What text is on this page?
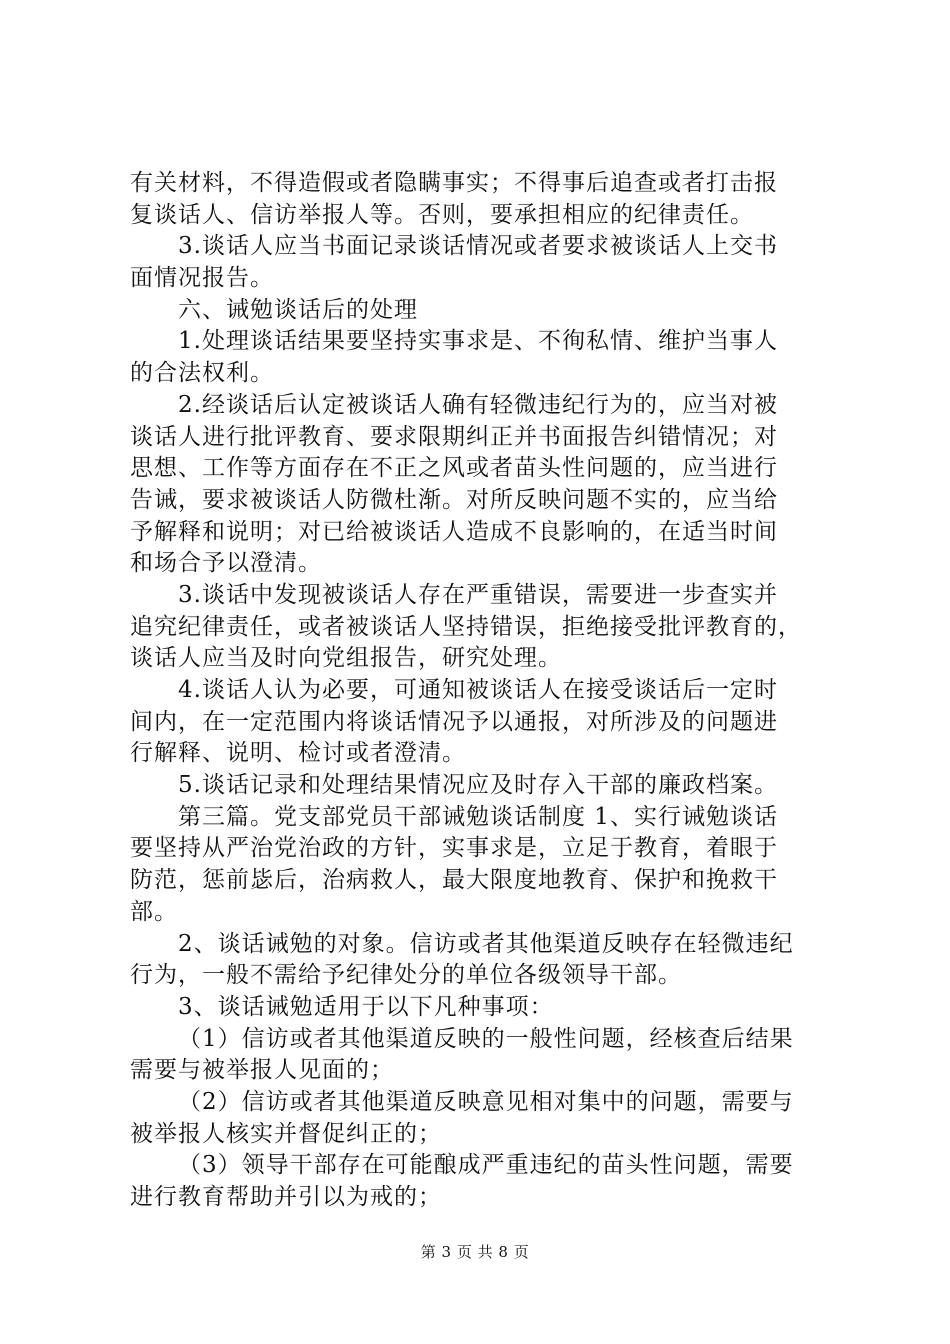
有关材料，不得造假或者隐瞒事实；不得事后追查或者打击报
复谈话人、信访举报人等。否则，要承担相应的纪律责任。
3.谈话人应当书面记录谈话情况或者要求被谈话人上交书
面情况报告。
六、诫勉谈话后的处理
1.处理谈话结果要坚持实事求是、不徇私情、维护当事人
的合法权利。
2.经谈话后认定被谈话人确有轻微违纪行为的，应当对被
谈话人进行批评教育、要求限期纠正并书面报告纠错情况；对
思想、工作等方面存在不正之风或者苗头性问题的，应当进行
告诫，要求被谈话人防微杜渐。对所反映问题不实的，应当给
予解释和说明；对已给被谈话人造成不良影响的，在适当时间
和场合予以澄清。
3.谈话中发现被谈话人存在严重错误，需要进一步查实并
追究纪律责任，或者被谈话人坚持错误，拒绝接受批评教育的，
谈话人应当及时向党组报告，研究处理。
4.谈话人认为必要，可通知被谈话人在接受谈话后一定时
间内，在一定范围内将谈话情况予以通报，对所涉及的问题进
行解释、说明、检讨或者澄清。
5.谈话记录和处理结果情况应及时存入干部的廉政档案。
第三篇。党支部党员干部诫勉谈话制度 1、实行诫勉谈话
要坚持从严治党治政的方针，实事求是，立足于教育，着眼于
防范，惩前毖后，治病救人，最大限度地教育、保护和挽救干
部。
2、谈话诫勉的对象。信访或者其他渠道反映存在轻微违纪
行为，一般不需给予纪律处分的单位各级领导干部。
3、谈话诫勉适用于以下凡种事项：
（1）信访或者其他渠道反映的一般性问题，经核查后结果
需要与被举报人见面的；
（2）信访或者其他渠道反映意见相对集中的问题，需要与
被举报人核实并督促纠正的；
（3）领导干部存在可能酿成严重违纪的苗头性问题，需要
进行教育帮助并引以为戒的；
第 3 页 共 8 页
